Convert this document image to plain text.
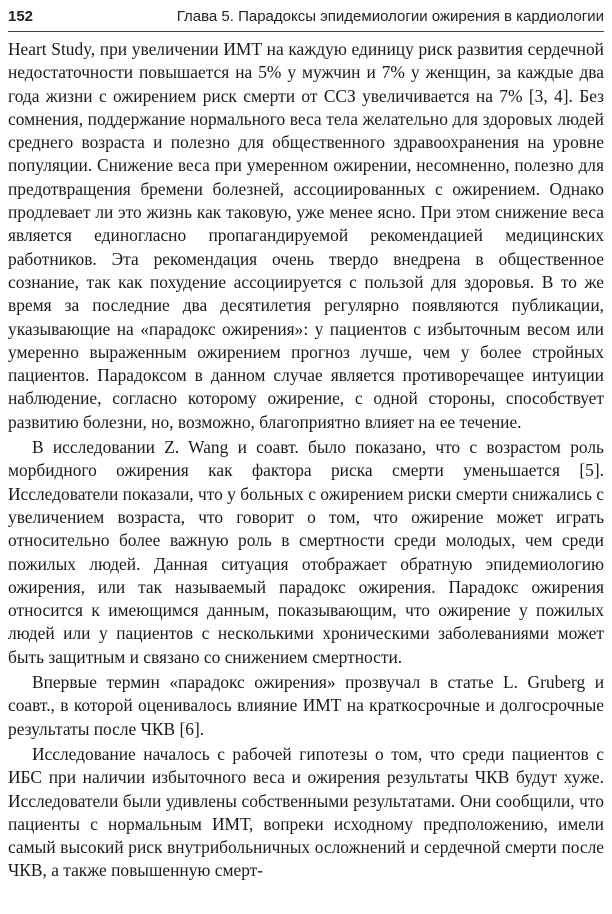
152	Глава 5. Парадоксы эпидемиологии ожирения в кардиологии

Heart Study, при увеличении ИМТ на каждую единицу риск развития сердечной недостаточности повышается на 5% у мужчин и 7% у женщин, за каждые два года жизни с ожирением риск смерти от ССЗ увеличивается на 7% [3, 4]. Без сомнения, поддержание нормального веса тела желательно для здоровых людей среднего возраста и полезно для общественного здравоохранения на уровне популяции. Снижение веса при умеренном ожирении, несомненно, полезно для предотвращения бремени болезней, ассоциированных с ожирением. Однако продлевает ли это жизнь как таковую, уже менее ясно. При этом снижение веса является единогласно пропагандируемой рекомендацией медицинских работников. Эта рекомендация очень твердо внедрена в общественное сознание, так как похудение ассоциируется с пользой для здоровья. В то же время за последние два десятилетия регулярно появляются публикации, указывающие на «парадокс ожирения»: у пациентов с избыточным весом или умеренно выраженным ожирением прогноз лучше, чем у более стройных пациентов. Парадоксом в данном случае является противоречащее интуиции наблюдение, согласно которому ожирение, с одной стороны, способствует развитию болезни, но, возможно, благоприятно влияет на ее течение.

В исследовании Z. Wang и соавт. было показано, что с возрастом роль морбидного ожирения как фактора риска смерти уменьшается [5]. Исследователи показали, что у больных с ожирением риски смерти снижались с увеличением возраста, что говорит о том, что ожирение может играть относительно более важную роль в смертности среди молодых, чем среди пожилых людей. Данная ситуация отображает обратную эпидемиологию ожирения, или так называемый парадокс ожирения. Парадокс ожирения относится к имеющимся данным, показывающим, что ожирение у пожилых людей или у пациентов с несколькими хроническими заболеваниями может быть защитным и связано со снижением смертности.

Впервые термин «парадокс ожирения» прозвучал в статье L. Gruberg и соавт., в которой оценивалось влияние ИМТ на краткосрочные и долгосрочные результаты после ЧКВ [6].

Исследование началось с рабочей гипотезы о том, что среди пациентов с ИБС при наличии избыточного веса и ожирения результаты ЧКВ будут хуже. Исследователи были удивлены собственными результатами. Они сообщили, что пациенты с нормальным ИМТ, вопреки исходному предположению, имели самый высокий риск внутрибольничных осложнений и сердечной смерти после ЧКВ, а также повышенную смерт-
